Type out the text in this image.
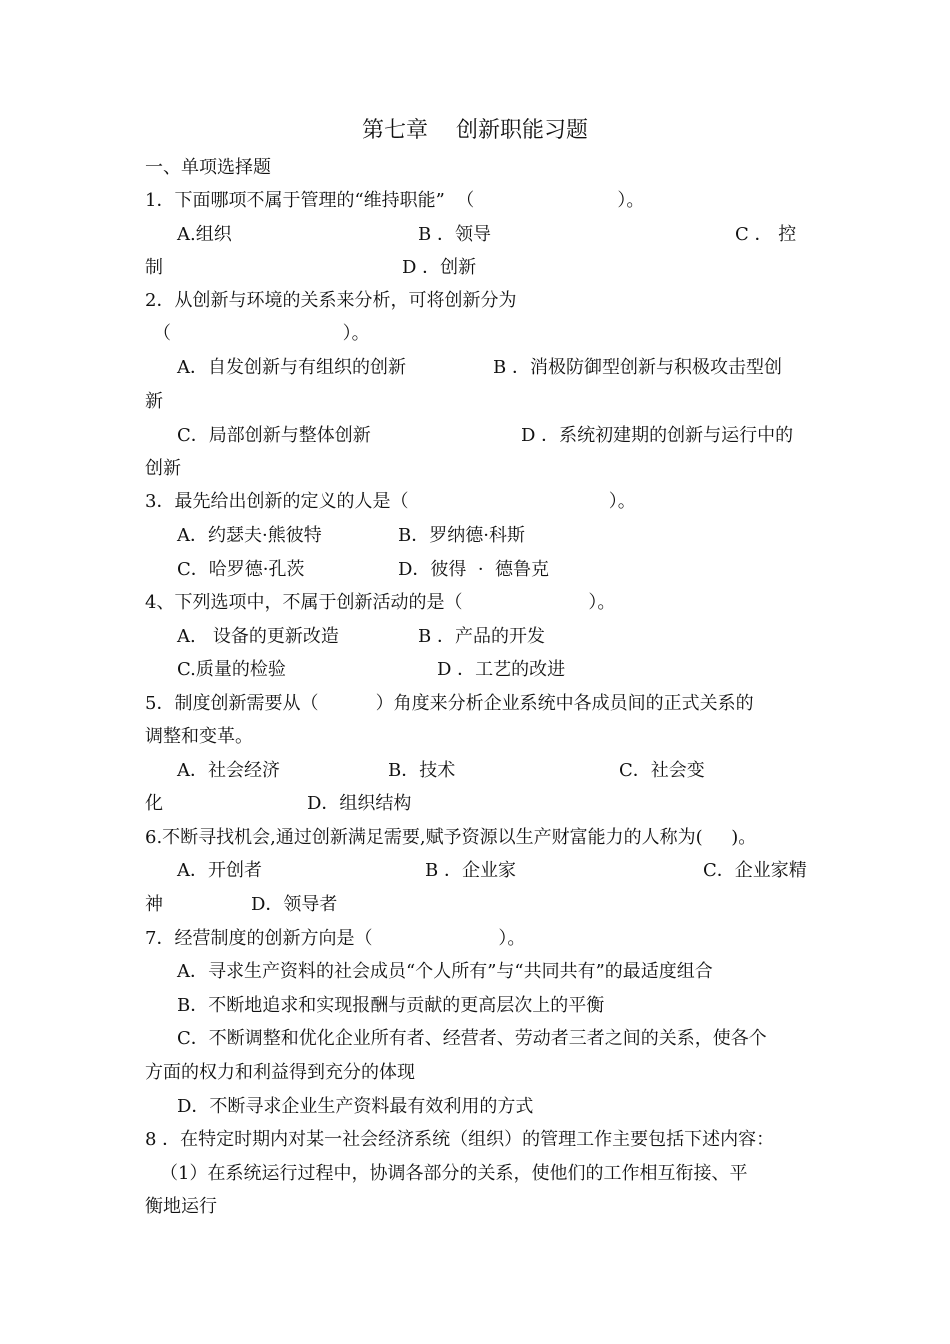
第七章    创新职能习题
一、单项选择题
1．下面哪项不属于管理的“维持职能”  （                         ）。
A.组织	B ．领导	C ． 控
制	D ．创新
2．从创新与环境的关系来分析，可将创新分为
（                              ）。
A．自发创新与有组织的创新	B ．消极防御型创新与积极攻击型创
新
C．局部创新与整体创新	D ．系统初建期的创新与运行中的
创新
3．最先给出创新的定义的人是（                                   ）。
A．约瑟夫·熊彼特	B．罗纳德·科斯
C．哈罗德·孔茨	D．彼得  ·  德鲁克
4、下列选项中，不属于创新活动的是（                      ）。
A.   设备的更新改造	B ．产品的开发
C.质量的检验	D ．工艺的改进
5．制度创新需要从（          ）角度来分析企业系统中各成员间的正式关系的
调整和变革。
A．社会经济	B．技术	C．社会变
化	D．组织结构
6.不断寻找机会,通过创新满足需要,赋予资源以生产财富能力的人称为(     )。
A．开创者	B ．企业家	C．企业家精
神	D．领导者
7．经营制度的创新方向是（                      ）。
A．寻求生产资料的社会成员“个人所有”与“共同共有”的最适度组合
B．不断地追求和实现报酬与贡献的更高层次上的平衡
C．不断调整和优化企业所有者、经营者、劳动者三者之间的关系，使各个
方面的权力和利益得到充分的体现
D．不断寻求企业生产资料最有效利用的方式
8 ．在特定时期内对某一社会经济系统（组织）的管理工作主要包括下述内容：
（1）在系统运行过程中，协调各部分的关系，使他们的工作相互衔接、平
衡地运行
